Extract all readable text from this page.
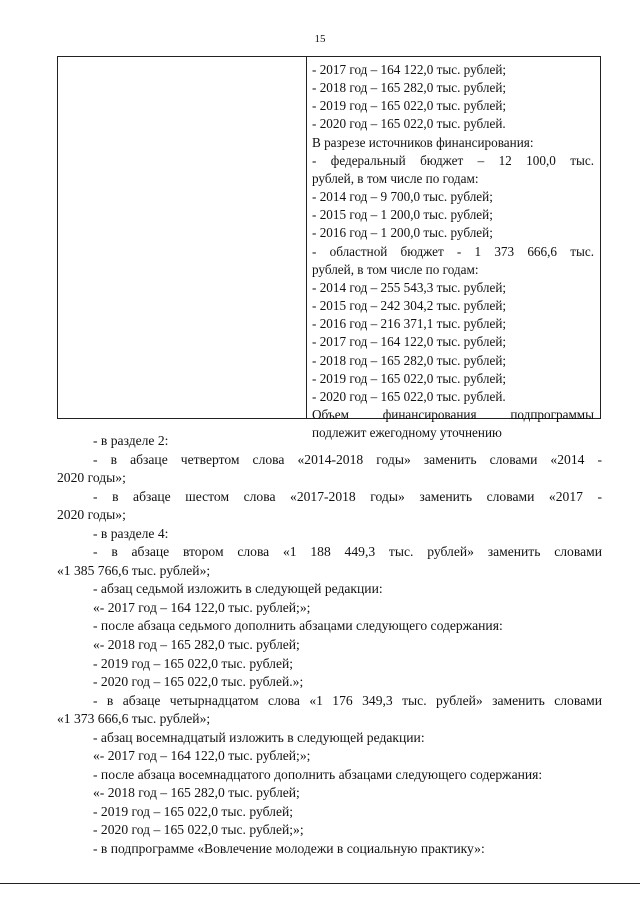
15
- 2017 год – 164 122,0 тыс. рублей;
- 2018 год – 165 282,0 тыс. рублей;
- 2019 год – 165 022,0 тыс. рублей;
- 2020 год – 165 022,0 тыс. рублей.
В разрезе источников финансирования:
- федеральный бюджет – 12 100,0 тыс.
рублей, в том числе по годам:
- 2014 год – 9 700,0 тыс. рублей;
- 2015 год – 1 200,0 тыс. рублей;
- 2016 год – 1 200,0 тыс. рублей;
- областной бюджет - 1 373 666,6 тыс.
рублей, в том числе по годам:
- 2014 год – 255 543,3 тыс. рублей;
- 2015 год – 242 304,2 тыс. рублей;
- 2016 год – 216 371,1 тыс. рублей;
- 2017 год – 164 122,0 тыс. рублей;
- 2018 год – 165 282,0 тыс. рублей;
- 2019 год – 165 022,0 тыс. рублей;
- 2020 год – 165 022,0 тыс. рублей.
Объем финансирования подпрограммы
подлежит ежегодному уточнению
- в разделе 2:
- в абзаце четвертом слова «2014-2018 годы» заменить словами «2014 -
2020 годы»;
- в абзаце шестом слова «2017-2018 годы» заменить словами «2017 -
2020 годы»;
- в разделе 4:
- в абзаце втором слова «1 188 449,3 тыс. рублей» заменить словами
«1 385 766,6 тыс. рублей»;
- абзац седьмой изложить в следующей редакции:
«- 2017 год – 164 122,0 тыс. рублей;»;
- после абзаца седьмого дополнить абзацами следующего содержания:
«- 2018 год – 165 282,0 тыс. рублей;
- 2019 год – 165 022,0 тыс. рублей;
- 2020 год – 165 022,0 тыс. рублей.»;
- в абзаце четырнадцатом слова «1 176 349,3 тыс. рублей» заменить словами
«1 373 666,6 тыс. рублей»;
- абзац восемнадцатый изложить в следующей редакции:
«- 2017 год – 164 122,0 тыс. рублей;»;
- после абзаца восемнадцатого дополнить абзацами следующего содержания:
«- 2018 год – 165 282,0 тыс. рублей;
- 2019 год – 165 022,0 тыс. рублей;
- 2020 год – 165 022,0 тыс. рублей;»;
- в подпрограмме «Вовлечение молодежи в социальную практику»:
